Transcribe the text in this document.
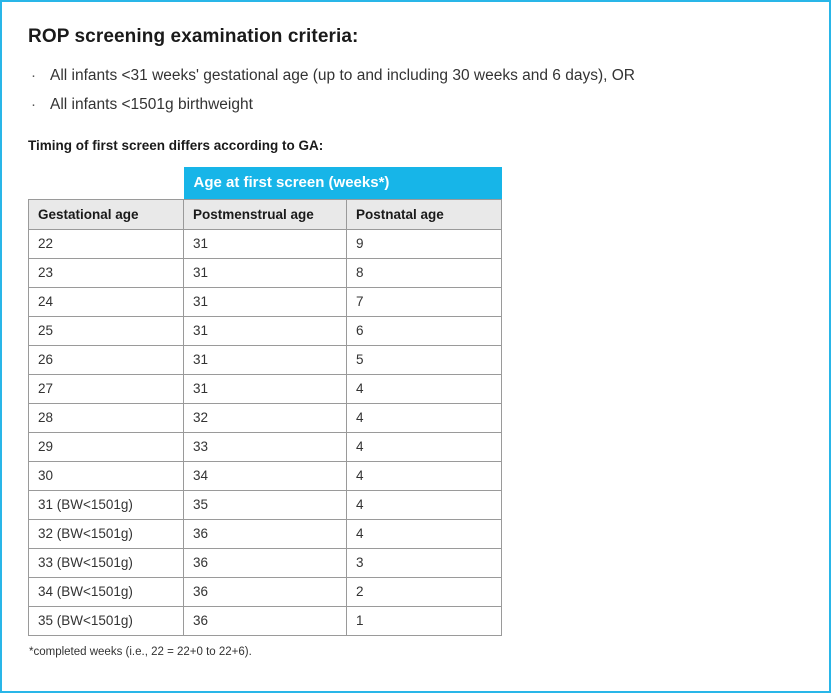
ROP screening examination criteria:
· All infants <31 weeks' gestational age (up to and including 30 weeks and 6 days), OR
· All infants <1501g birthweight
Timing of first screen differs according to GA:
	Age at first screen (weeks*)	
Gestational age	Postmenstrual age	Postnatal age
22	31	9
23	31	8
24	31	7
25	31	6
26	31	5
27	31	4
28	32	4
29	33	4
30	34	4
31 (BW<1501g)	35	4
32 (BW<1501g)	36	4
33 (BW<1501g)	36	3
34 (BW<1501g)	36	2
35 (BW<1501g)	36	1
*completed weeks (i.e., 22 = 22+0 to 22+6).
